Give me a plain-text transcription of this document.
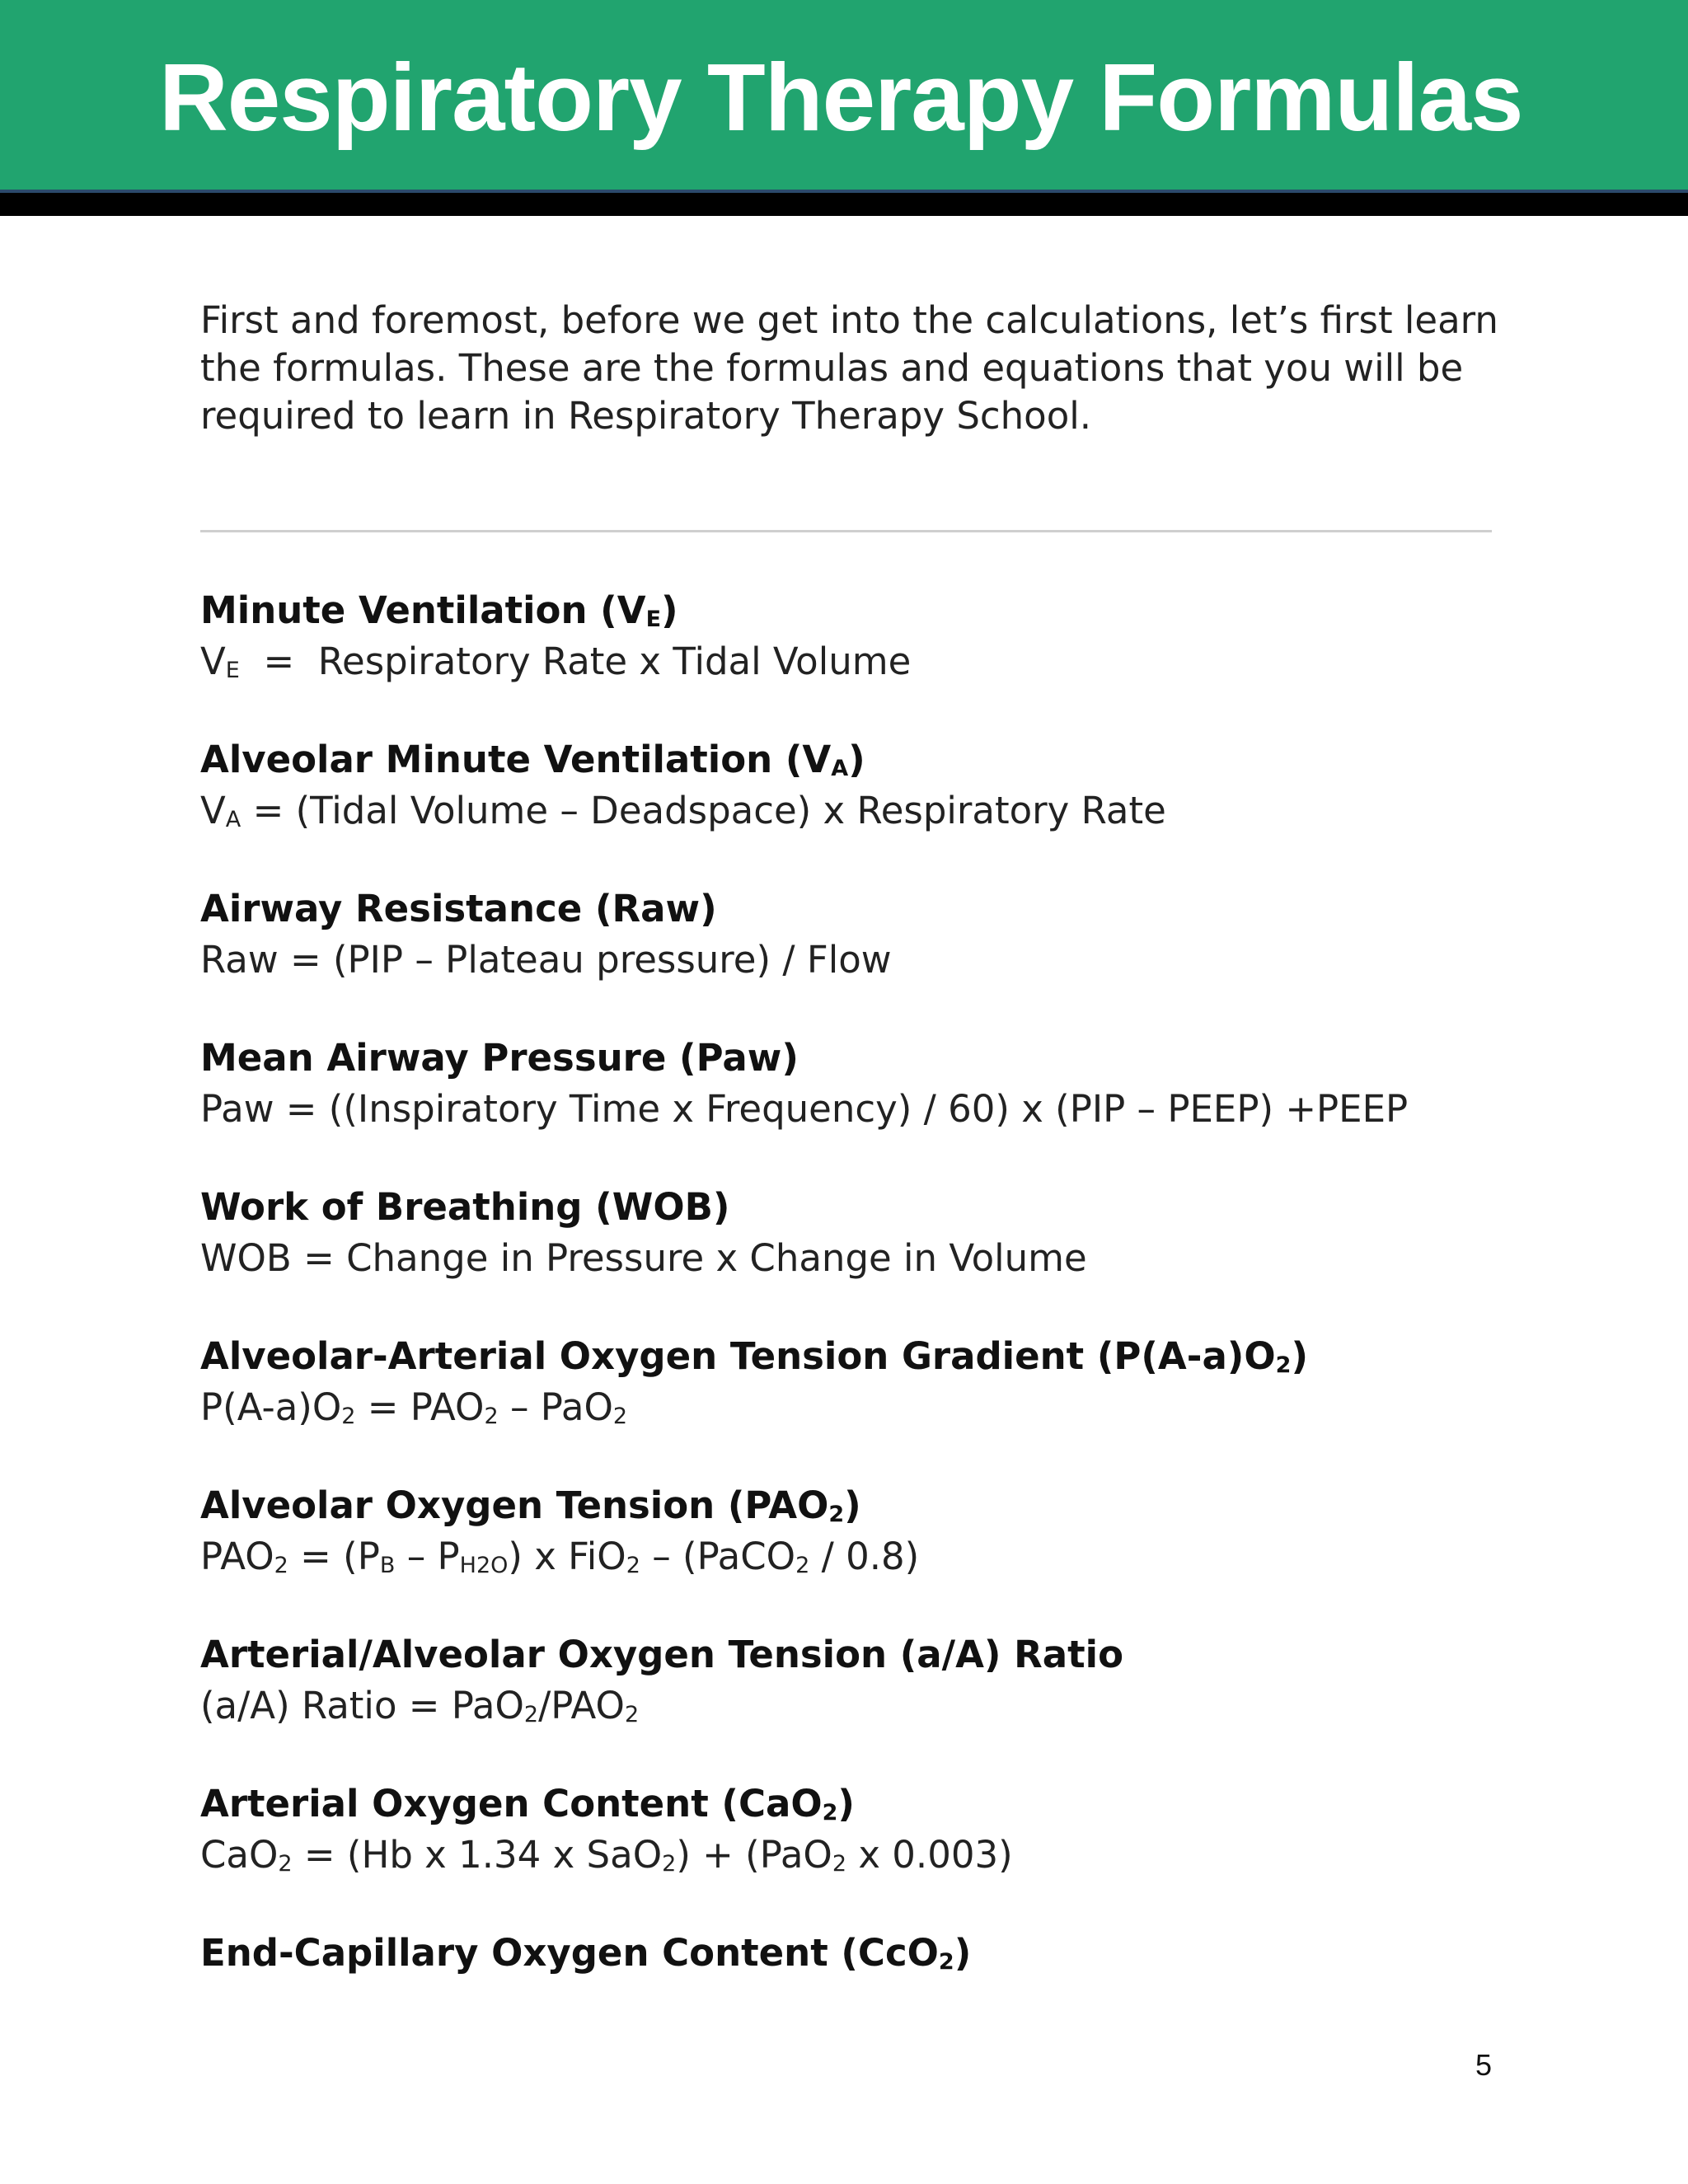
Respiratory Therapy Formulas

First and foremost, before we get into the calculations, let’s first learn the formulas. These are the formulas and equations that you will be required to learn in Respiratory Therapy School.

Minute Ventilation $(V_E)$
$V_E$  =  Respiratory Rate x Tidal Volume
Alveolar Minute Ventilation $(V_A)$
$V_A$ = (Tidal Volume – Deadspace) x Respiratory Rate
Airway Resistance (Raw)
Raw = (PIP – Plateau pressure) / Flow
Mean Airway Pressure (Paw)
Paw = ((Inspiratory Time x Frequency) / 60) x (PIP – PEEP) +PEEP
Work of Breathing (WOB)
WOB = Change in Pressure x Change in Volume
Alveolar-Arterial Oxygen Tension Gradient $(P(A-a)O_2)$
$P(A-a)O_2 = PAO_2 - PaO_2$
Alveolar Oxygen Tension $(PAO_2)$
$PAO_2 = (P_B - P_{H2O})$ x FiO$_2$ – (PaCO$_2$ / 0.8)
Arterial/Alveolar Oxygen Tension (a/A) Ratio
(a/A) Ratio = $PaO_2/PAO_2$
Arterial Oxygen Content (CaO$_2$)
CaO$_2$ = (Hb x 1.34 x SaO$_2$) + (PaO$_2$ x 0.003)
End-Capillary Oxygen Content (CcO$_2$)
5
